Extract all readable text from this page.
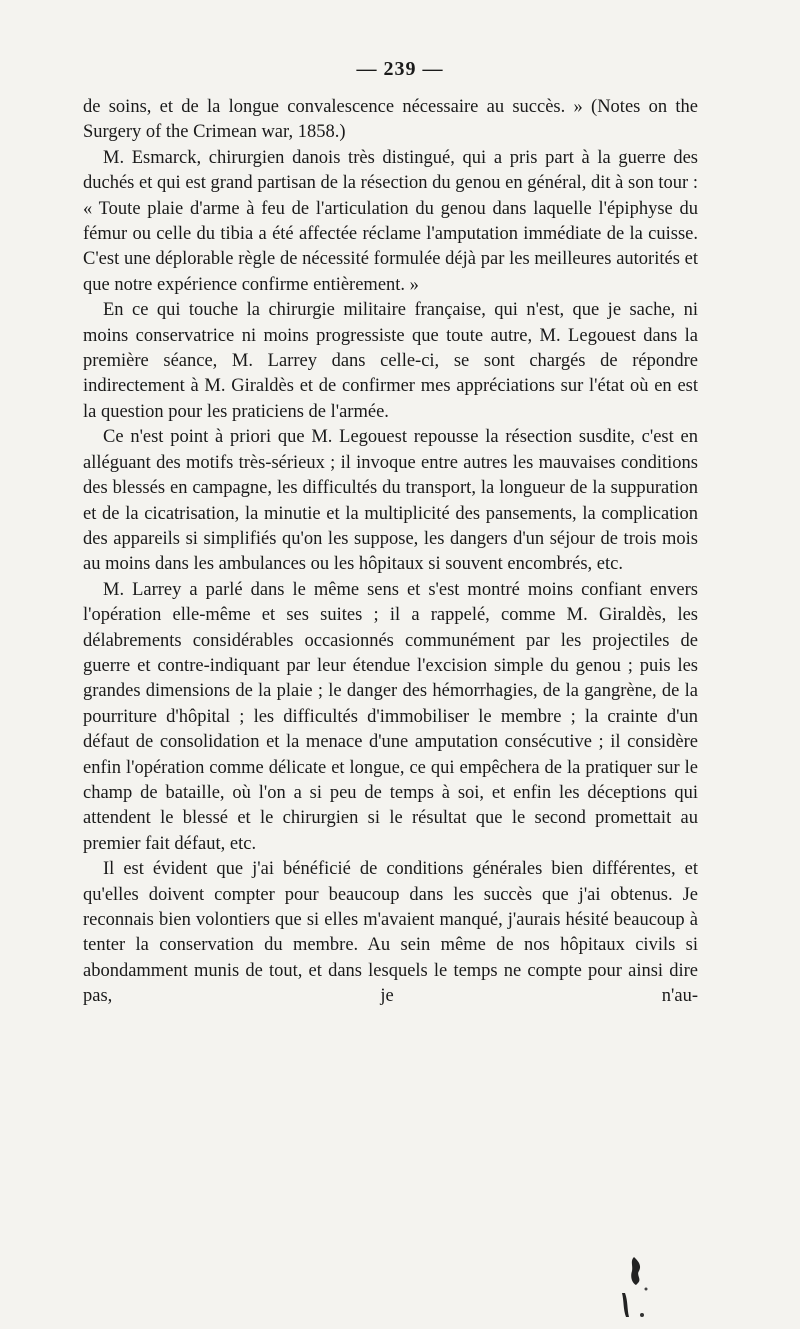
— 239 —

de soins, et de la longue convalescence nécessaire au succès. » (Notes on the Surgery of the Crimean war, 1858.)

M. Esmarck, chirurgien danois très distingué, qui a pris part à la guerre des duchés et qui est grand partisan de la résection du genou en général, dit à son tour : « Toute plaie d'arme à feu de l'articulation du genou dans laquelle l'épiphyse du fémur ou celle du tibia a été affectée réclame l'amputation immédiate de la cuisse. C'est une déplorable règle de nécessité formulée déjà par les meilleures autorités et que notre expérience confirme entièrement. »

En ce qui touche la chirurgie militaire française, qui n'est, que je sache, ni moins conservatrice ni moins progressiste que toute autre, M. Legouest dans la première séance, M. Larrey dans celle-ci, se sont chargés de répondre indirectement à M. Giraldès et de confirmer mes appréciations sur l'état où en est la question pour les praticiens de l'armée.

Ce n'est point à priori que M. Legouest repousse la résection susdite, c'est en alléguant des motifs très-sérieux ; il invoque entre autres les mauvaises conditions des blessés en campagne, les difficultés du transport, la longueur de la suppuration et de la cicatrisation, la minutie et la multiplicité des pansements, la complication des appareils si simplifiés qu'on les suppose, les dangers d'un séjour de trois mois au moins dans les ambulances ou les hôpitaux si souvent encombrés, etc.

M. Larrey a parlé dans le même sens et s'est montré moins confiant envers l'opération elle-même et ses suites ; il a rappelé, comme M. Giraldès, les délabrements considérables occasionnés communément par les projectiles de guerre et contre-indiquant par leur étendue l'excision simple du genou ; puis les grandes dimensions de la plaie ; le danger des hémorrhagies, de la gangrène, de la pourriture d'hôpital ; les difficultés d'immobiliser le membre ; la crainte d'un défaut de consolidation et la menace d'une amputation consécutive ; il considère enfin l'opération comme délicate et longue, ce qui empêchera de la pratiquer sur le champ de bataille, où l'on a si peu de temps à soi, et enfin les déceptions qui attendent le blessé et le chirurgien si le résultat que le second promettait au premier fait défaut, etc.

Il est évident que j'ai bénéficié de conditions générales bien différentes, et qu'elles doivent compter pour beaucoup dans les succès que j'ai obtenus. Je reconnais bien volontiers que si elles m'avaient manqué, j'aurais hésité beaucoup à tenter la conservation du membre. Au sein même de nos hôpitaux civils si abondamment munis de tout, et dans lesquels le temps ne compte pour ainsi dire pas, je n'au-
